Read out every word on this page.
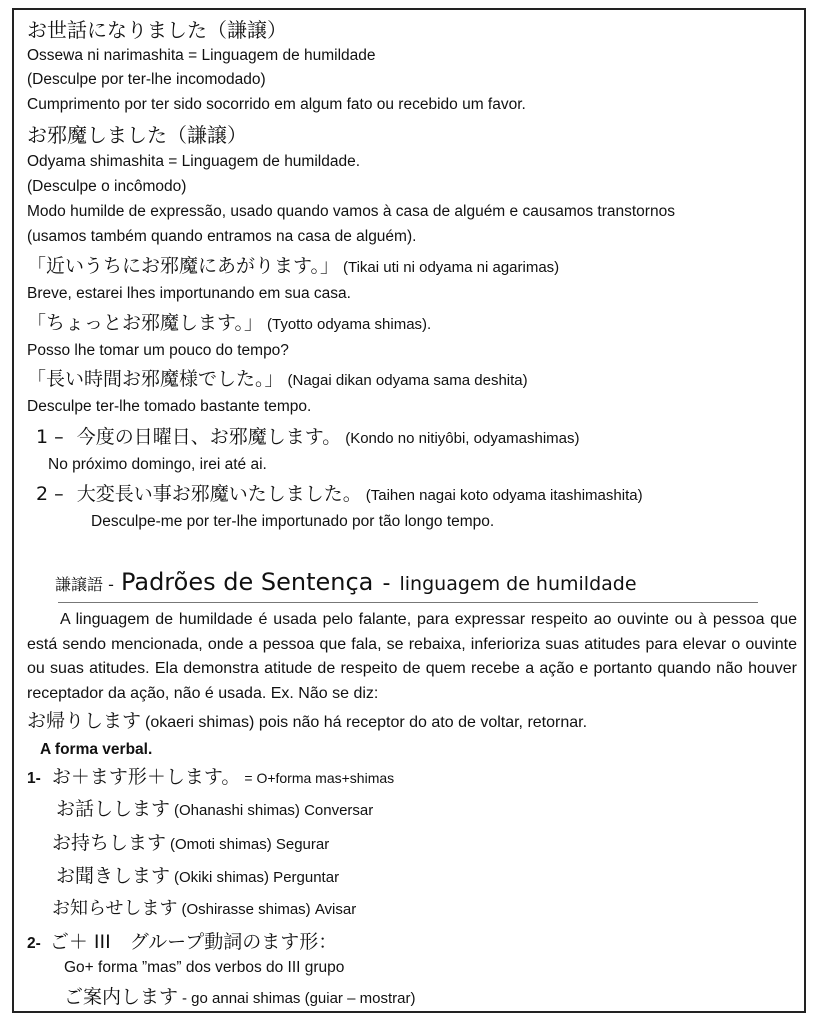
お世話になりました（謙譲）
Ossewa ni narimashita = Linguagem de humildade
(Desculpe por ter-lhe incomodado)
Cumprimento por ter sido socorrido em algum fato ou recebido um favor.
お邪魔しました（謙譲）
Odyama shimashita = Linguagem de humildade.
(Desculpe o incômodo)
Modo humilde de expressão, usado quando vamos à casa de alguém e causamos transtornos
(usamos também quando entramos na casa de alguém).
「近いうちにお邪魔にあがります。」 (Tikai uti ni odyama ni agarimas)
Breve, estarei lhes importunando em sua casa.
「ちょっとお邪魔します。」 (Tyotto odyama shimas).
Posso lhe tomar um pouco do tempo?
「長い時間お邪魔様でした。」 (Nagai dikan odyama sama deshita)
Desculpe ter-lhe tomado bastante tempo.
1 – 今度の日曜日、お邪魔します。 (Kondo no nitiyôbi, odyamashimas)
No próximo domingo, irei até ai.
2 – 大変長い事お邪魔いたしました。 (Taihen nagai koto odyama itashimashita)
Desculpe-me por ter-lhe importunado por tão longo tempo.
謙譲語 - Padrões de Sentença - linguagem de humildade

A linguagem de humildade é usada pelo falante, para expressar respeito ao ouvinte ou à pessoa que está sendo mencionada, onde a pessoa que fala, se rebaixa, inferioriza suas atitudes para elevar o ouvinte ou suas atitudes. Ela demonstra atitude de respeito de quem recebe a ação e portanto quando não houver receptador da ação, não é usada. Ex. Não se diz:

お帰りします (okaeri shimas) pois não há receptor do ato de voltar, retornar.
A forma verbal.
1- お＋ます形＋します。 = O+forma mas+shimas
お話しします (Ohanashi shimas) Conversar
お持ちします (Omoti shimas) Segurar
お聞きします (Okiki shimas) Perguntar
お知らせします (Oshirasse shimas) Avisar
2- ご＋ III　グループ動詞のます形：
Go+ forma ”mas” dos verbos do III grupo
ご案内します - go annai shimas (guiar – mostrar)
